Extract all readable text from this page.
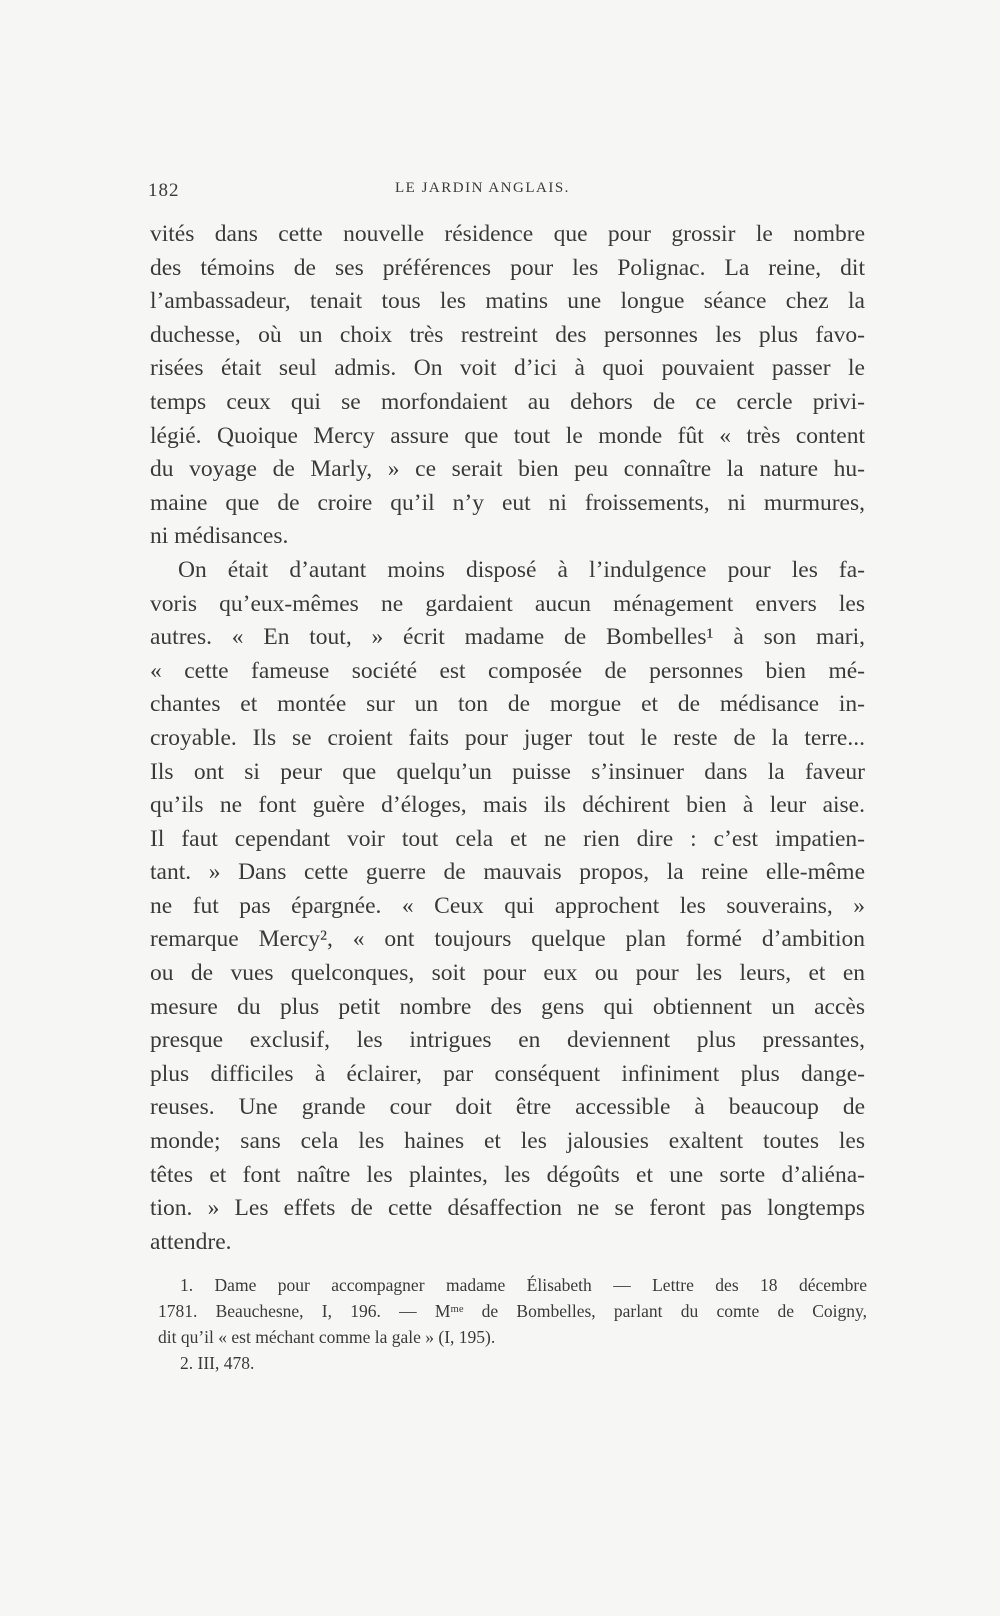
182	LE JARDIN ANGLAIS.
vités dans cette nouvelle résidence que pour grossir le nombre
des témoins de ses préférences pour les Polignac. La reine, dit
l’ambassadeur, tenait tous les matins une longue séance chez la
duchesse, où un choix très restreint des personnes les plus favo-
risées était seul admis. On voit d’ici à quoi pouvaient passer le
temps ceux qui se morfondaient au dehors de ce cercle privi-
légié. Quoique Mercy assure que tout le monde fût « très content
du voyage de Marly, » ce serait bien peu connaître la nature hu-
maine que de croire qu’il n’y eut ni froissements, ni murmures,
ni médisances.
On était d’autant moins disposé à l’indulgence pour les fa-
voris qu’eux-mêmes ne gardaient aucun ménagement envers les
autres. « En tout, » écrit madame de Bombelles¹ à son mari,
« cette fameuse société est composée de personnes bien mé-
chantes et montée sur un ton de morgue et de médisance in-
croyable. Ils se croient faits pour juger tout le reste de la terre...
Ils ont si peur que quelqu’un puisse s’insinuer dans la faveur
qu’ils ne font guère d’éloges, mais ils déchirent bien à leur aise.
Il faut cependant voir tout cela et ne rien dire : c’est impatien-
tant. » Dans cette guerre de mauvais propos, la reine elle-même
ne fut pas épargnée. « Ceux qui approchent les souverains, »
remarque Mercy², « ont toujours quelque plan formé d’ambition
ou de vues quelconques, soit pour eux ou pour les leurs, et en
mesure du plus petit nombre des gens qui obtiennent un accès
presque exclusif, les intrigues en deviennent plus pressantes,
plus difficiles à éclairer, par conséquent infiniment plus dange-
reuses. Une grande cour doit être accessible à beaucoup de
monde; sans cela les haines et les jalousies exaltent toutes les
têtes et font naître les plaintes, les dégoûts et une sorte d’aliéna-
tion. » Les effets de cette désaffection ne se feront pas longtemps
attendre.
1. Dame pour accompagner madame Élisabeth — Lettre des 18 décembre
1781. Beauchesne, I, 196. — Mᵐᵉ de Bombelles, parlant du comte de Coigny,
dit qu’il « est méchant comme la gale » (I, 195).
2. III, 478.
